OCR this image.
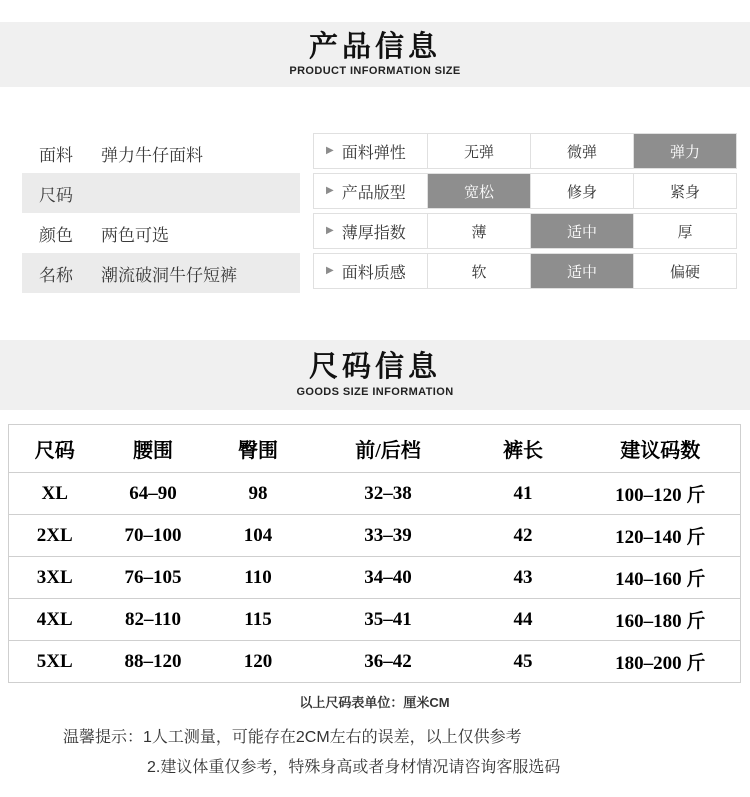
产品信息
PRODUCT INFORMATION SIZE
面料	弹力牛仔面料
尺码
颜色	两色可选
名称	潮流破洞牛仔短裤
▶ 面料弹性	无弹	微弹	弹力
▶ 产品版型	宽松	修身	紧身
▶ 薄厚指数	薄	适中	厚
▶ 面料质感	软	适中	偏硬
尺码信息
GOODS SIZE INFORMATION
尺码	腰围	臀围	前/后档	裤长	建议码数
XL	64–90	98	32–38	41	100–120 斤
2XL	70–100	104	33–39	42	120–140 斤
3XL	76–105	110	34–40	43	140–160 斤
4XL	82–110	115	35–41	44	160–180 斤
5XL	88–120	120	36–42	45	180–200 斤
以上尺码表单位：厘米CM
温馨提示：1人工测量，可能存在2CM左右的误差，以上仅供参考
2.建议体重仅参考，特殊身高或者身材情况请咨询客服选码
